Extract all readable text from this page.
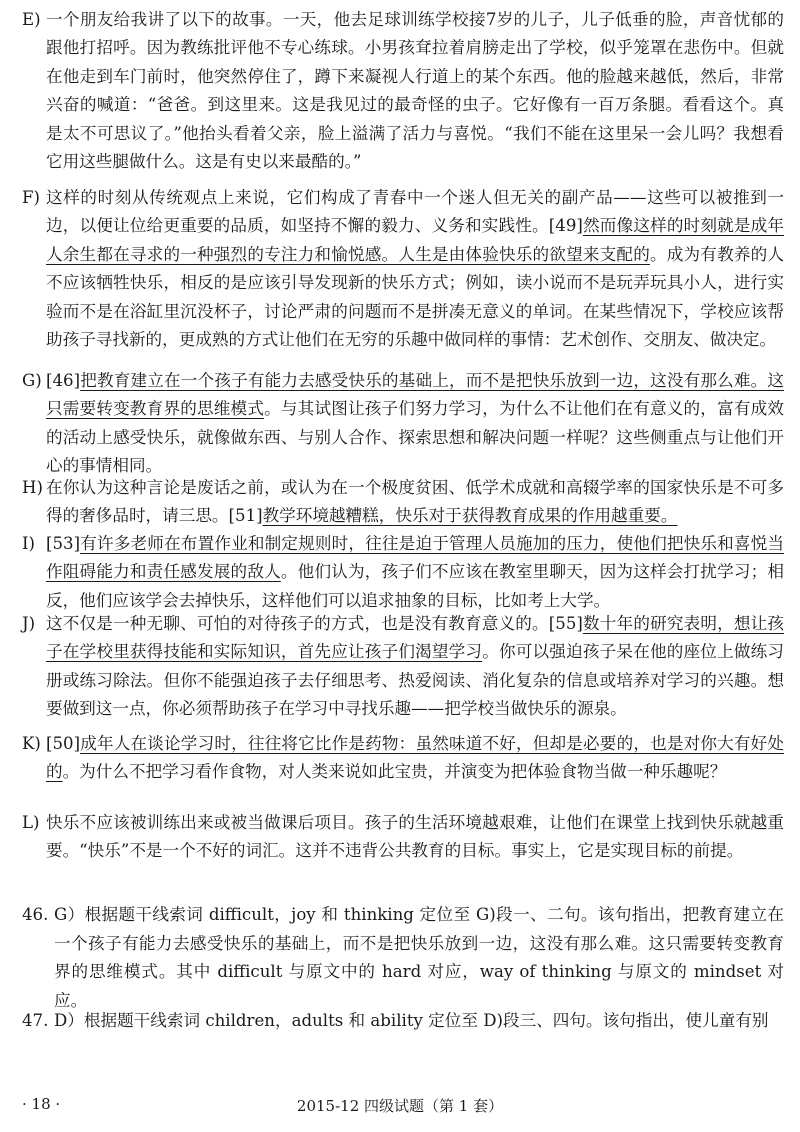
E) 一个朋友给我讲了以下的故事。一天，他去足球训练学校接7岁的儿子，儿子低垂的脸，声音忧郁的跟他打招呼。因为教练批评他不专心练球。小男孩耷拉着肩膀走出了学校，似乎笼罩在悲伤中。但就在他走到车门前时，他突然停住了，蹲下来凝视人行道上的某个东西。他的脸越来越低，然后，非常兴奋的喊道：“爸爸。到这里来。这是我见过的最奇怪的虫子。它好像有一百万条腿。看看这个。真是太不可思议了。”他抬头看着父亲，脸上溢满了活力与喜悦。“我们不能在这里呆一会儿吗？我想看它用这些腿做什么。这是有史以来最酷的。”
F) 这样的时刻从传统观点上来说，它们构成了青春中一个迷人但无关的副产品——这些可以被推到一边，以便让位给更重要的品质，如坚持不懈的毅力、义务和实践性。[49]然而像这样的时刻就是成年人余生都在寻求的一种强烈的专注力和愉悦感。人生是由体验快乐的欲望来支配的。成为有教养的人不应该牺牲快乐，相反的是应该引导发现新的快乐方式；例如，读小说而不是玩弄玩具小人，进行实验而不是在浴缸里沉没杯子，讨论严肃的问题而不是拼凑无意义的单词。在某些情况下，学校应该帮助孩子寻找新的，更成熟的方式让他们在无穷的乐趣中做同样的事情：艺术创作、交朋友、做决定。
G) [46]把教育建立在一个孩子有能力去感受快乐的基础上，而不是把快乐放到一边，这没有那么难。这只需要转变教育界的思维模式。与其试图让孩子们努力学习，为什么不让他们在有意义的，富有成效的活动上感受快乐，就像做东西、与别人合作、探索思想和解决问题一样呢？这些侧重点与让他们开心的事情相同。
H) 在你认为这种言论是废话之前，或认为在一个极度贫困、低学术成就和高辍学率的国家快乐是不可多得的奢侈品时，请三思。[51]教学环境越糟糕，快乐对于获得教育成果的作用越重要。
I) [53]有许多老师在布置作业和制定规则时，往往是迫于管理人员施加的压力，使他们把快乐和喜悦当作阻碍能力和责任感发展的敌人。他们认为，孩子们不应该在教室里聊天，因为这样会打扰学习；相反，他们应该学会去掉快乐，这样他们可以追求抽象的目标，比如考上大学。
J) 这不仅是一种无聊、可怕的对待孩子的方式，也是没有教育意义的。[55]数十年的研究表明，想让孩子在学校里获得技能和实际知识，首先应让孩子们渴望学习。你可以强迫孩子呆在他的座位上做练习册或练习除法。但你不能强迫孩子去仔细思考、热爱阅读、消化复杂的信息或培养对学习的兴趣。想要做到这一点，你必须帮助孩子在学习中寻找乐趣——把学校当做快乐的源泉。
K) [50]成年人在谈论学习时，往往将它比作是药物：虽然味道不好，但却是必要的，也是对你大有好处的。为什么不把学习看作食物，对人类来说如此宝贵，并演变为把体验食物当做一种乐趣呢？
L) 快乐不应该被训练出来或被当做课后项目。孩子的生活环境越艰难，让他们在课堂上找到快乐就越重要。“快乐”不是一个不好的词汇。这并不违背公共教育的目标。事实上，它是实现目标的前提。
46. G）根据题干线索词 difficult，joy 和 thinking 定位至 G)段一、二句。该句指出，把教育建立在一个孩子有能力去感受快乐的基础上，而不是把快乐放到一边，这没有那么难。这只需要转变教育界的思维模式。其中 difficult 与原文中的 hard 对应，way of thinking 与原文的 mindset 对应。
47. D）根据题干线索词 children，adults 和 ability 定位至 D)段三、四句。该句指出，使儿童有别
· 18 ·	2015-12 四级试题（第 1 套）
